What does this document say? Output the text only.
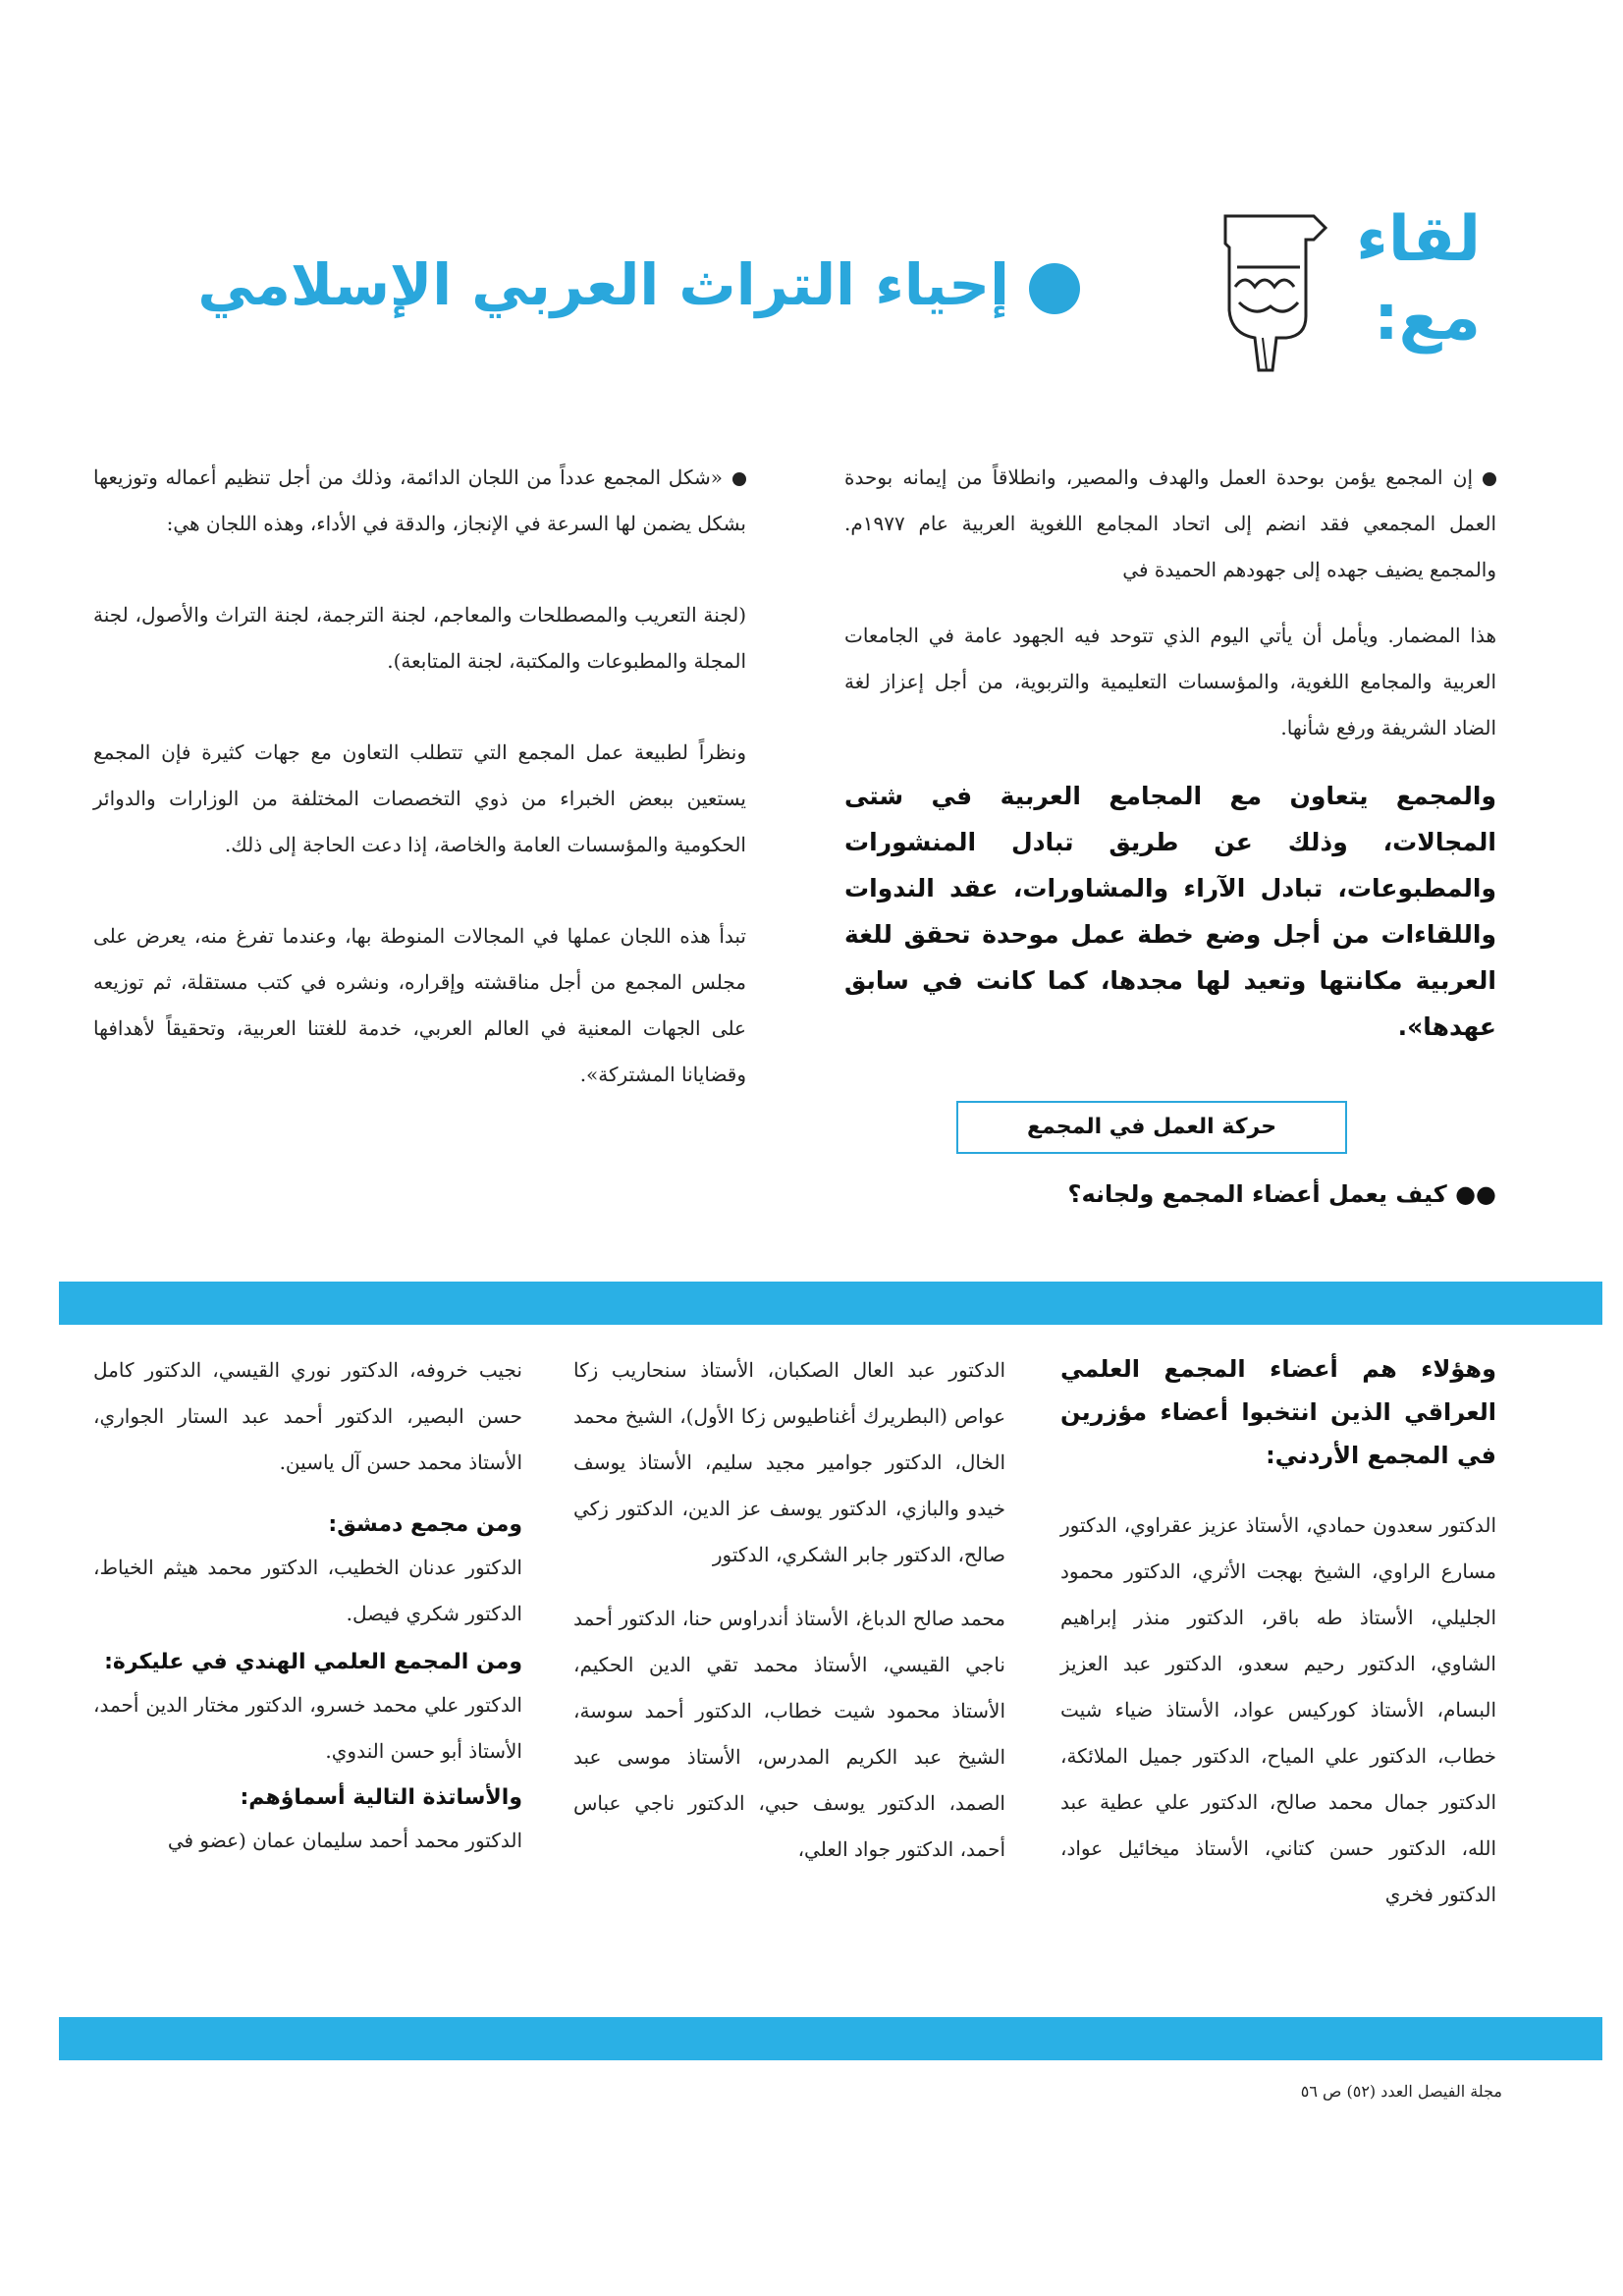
لقاء
مع:
إحياء التراث العربي الإسلامي

إن المجمع يؤمن بوحدة العمل والهدف والمصير، وانطلاقاً من إيمانه بوحدة العمل المجمعي فقد انضم إلى اتحاد المجامع اللغوية العربية عام ١٩٧٧م. والمجمع يضيف جهده إلى جهودهم الحميدة في

هذا المضمار. ويأمل أن يأتي اليوم الذي تتوحد فيه الجهود عامة في الجامعات العربية والمجامع اللغوية، والمؤسسات التعليمية والتربوية، من أجل إعزاز لغة الضاد الشريفة ورفع شأنها.

والمجمع يتعاون مع المجامع العربية في شتى المجالات، وذلك عن طريق تبادل المنشورات والمطبوعات، تبادل الآراء والمشاورات، عقد الندوات واللقاءات من أجل وضع خطة عمل موحدة تحقق للغة العربية مكانتها وتعيد لها مجدها، كما كانت في سابق عهدها».

حركة العمل في المجمع
●● كيف يعمل أعضاء المجمع ولجانه؟

«شكل المجمع عدداً من اللجان الدائمة، وذلك من أجل تنظيم أعماله وتوزيعها بشكل يضمن لها السرعة في الإنجاز، والدقة في الأداء، وهذه اللجان هي:

(لجنة التعريب والمصطلحات والمعاجم، لجنة الترجمة، لجنة التراث والأصول، لجنة المجلة والمطبوعات والمكتبة، لجنة المتابعة).

ونظراً لطبيعة عمل المجمع التي تتطلب التعاون مع جهات كثيرة فإن المجمع يستعين ببعض الخبراء من ذوي التخصصات المختلفة من الوزارات والدوائر الحكومية والمؤسسات العامة والخاصة، إذا دعت الحاجة إلى ذلك.

تبدأ هذه اللجان عملها في المجالات المنوطة بها، وعندما تفرغ منه، يعرض على مجلس المجمع من أجل مناقشته وإقراره، ونشره في كتب مستقلة، ثم توزيعه على الجهات المعنية في العالم العربي، خدمة للغتنا العربية، وتحقيقاً لأهدافها وقضايانا المشتركة».

وهؤلاء هم أعضاء المجمع العلمي العراقي الذين انتخبوا أعضاء مؤزرين في المجمع الأردني:

الدكتور سعدون حمادي، الأستاذ عزيز عقراوي، الدكتور مسارع الراوي، الشيخ بهجت الأثري، الدكتور محمود الجليلي، الأستاذ طه باقر، الدكتور منذر إبراهيم الشاوي، الدكتور رحيم سعدو، الدكتور عبد العزيز البسام، الأستاذ كوركيس عواد، الأستاذ ضياء شيت خطاب، الدكتور علي المياح، الدكتور جميل الملائكة، الدكتور جمال محمد صالح، الدكتور علي عطية عبد الله، الدكتور حسن كتاني، الأستاذ ميخائيل عواد، الدكتور فخري

الدكتور عبد العال الصكبان، الأستاذ سنحاريب زكا عواص (البطريرك أغناطيوس زكا الأول)، الشيخ محمد الخال، الدكتور جوامير مجيد سليم، الأستاذ يوسف خيدو والبازي، الدكتور يوسف عز الدين، الدكتور زكي صالح، الدكتور جابر الشكري، الدكتور

محمد صالح الدباغ، الأستاذ أندراوس حنا، الدكتور أحمد ناجي القيسي، الأستاذ محمد تقي الدين الحكيم، الأستاذ محمود شيت خطاب، الدكتور أحمد سوسة، الشيخ عبد الكريم المدرس، الأستاذ موسى عبد الصمد، الدكتور يوسف حبي، الدكتور ناجي عباس أحمد، الدكتور جواد العلي،

نجيب خروفه، الدكتور نوري القيسي، الدكتور كامل حسن البصير، الدكتور أحمد عبد الستار الجواري، الأستاذ محمد حسن آل ياسين.

ومن مجمع دمشق:

الدكتور عدنان الخطيب، الدكتور محمد هيثم الخياط، الدكتور شكري فيصل.

ومن المجمع العلمي الهندي في عليكرة:

الدكتور علي محمد خسرو، الدكتور مختار الدين أحمد، الأستاذ أبو حسن الندوي.

والأساتذة التالية أسماؤهم:

الدكتور محمد أحمد سليمان عمان (عضو في

مجلة الفيصل العدد (٥٢) ص ٥٦
